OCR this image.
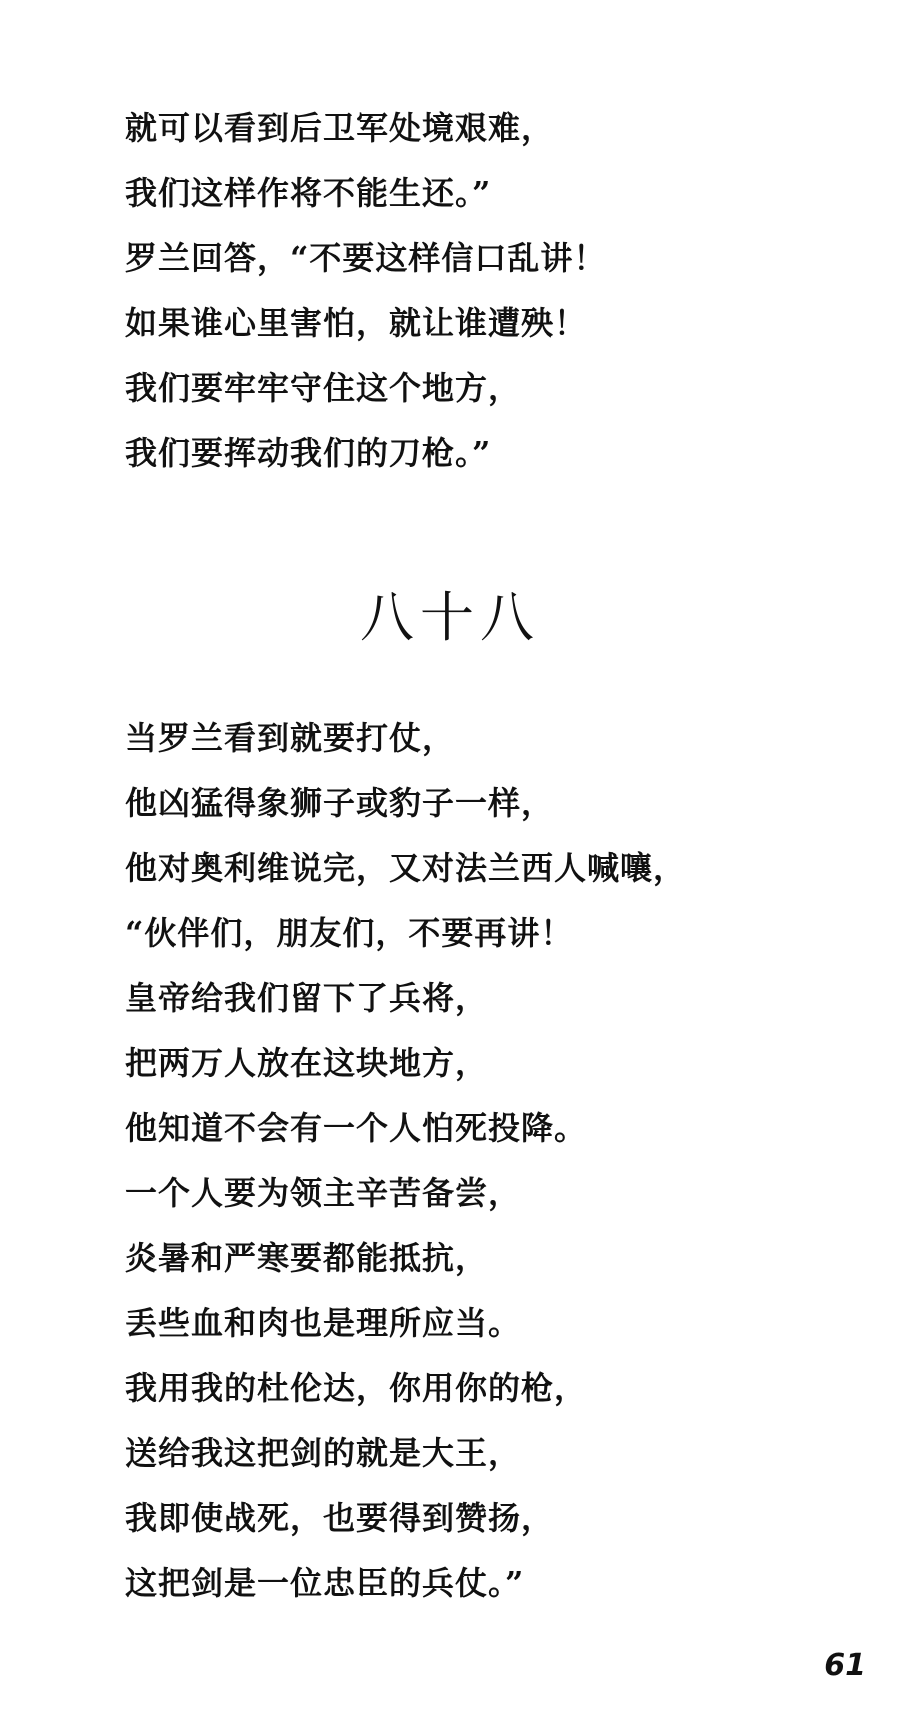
就可以看到后卫军处境艰难，
我们这样作将不能生还。”
罗兰回答，“不要这样信口乱讲！
如果谁心里害怕，就让谁遭殃！
我们要牢牢守住这个地方，
我们要挥动我们的刀枪。”
八十八
当罗兰看到就要打仗，
他凶猛得象狮子或豹子一样，
他对奥利维说完，又对法兰西人喊嚷，
“伙伴们，朋友们，不要再讲！
皇帝给我们留下了兵将，
把两万人放在这块地方，
他知道不会有一个人怕死投降。
一个人要为领主辛苦备尝，
炎暑和严寒要都能抵抗，
丢些血和肉也是理所应当。
我用我的杜伦达，你用你的枪，
送给我这把剑的就是大王，
我即使战死，也要得到赞扬，
这把剑是一位忠臣的兵仗。”
61
